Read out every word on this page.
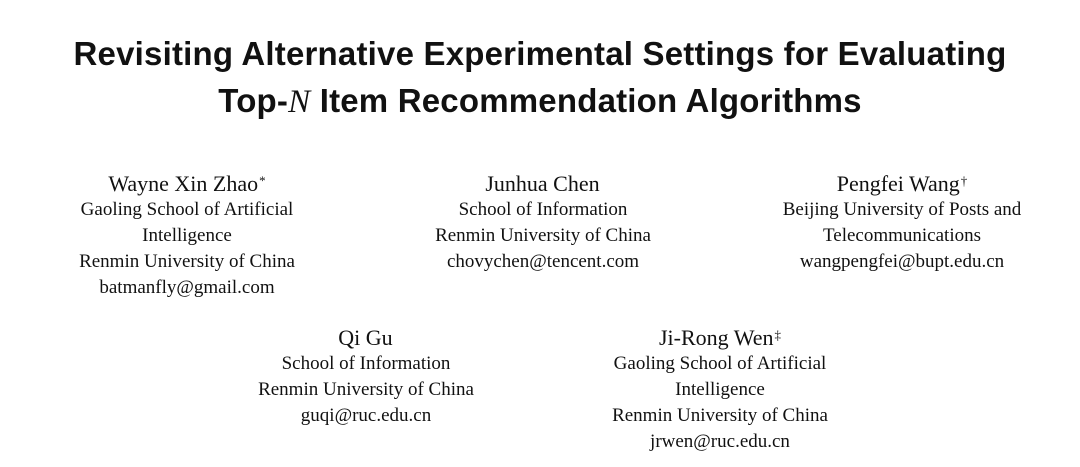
Revisiting Alternative Experimental Settings for Evaluating
Top-N Item Recommendation Algorithms
Wayne Xin Zhao*
Gaoling School of Artificial
Intelligence
Renmin University of China
batmanfly@gmail.com
Junhua Chen
School of Information
Renmin University of China
chovychen@tencent.com
Pengfei Wang†
Beijing University of Posts and
Telecommunications
wangpengfei@bupt.edu.cn
Qi Gu
School of Information
Renmin University of China
guqi@ruc.edu.cn
Ji-Rong Wen‡
Gaoling School of Artificial
Intelligence
Renmin University of China
jrwen@ruc.edu.cn
